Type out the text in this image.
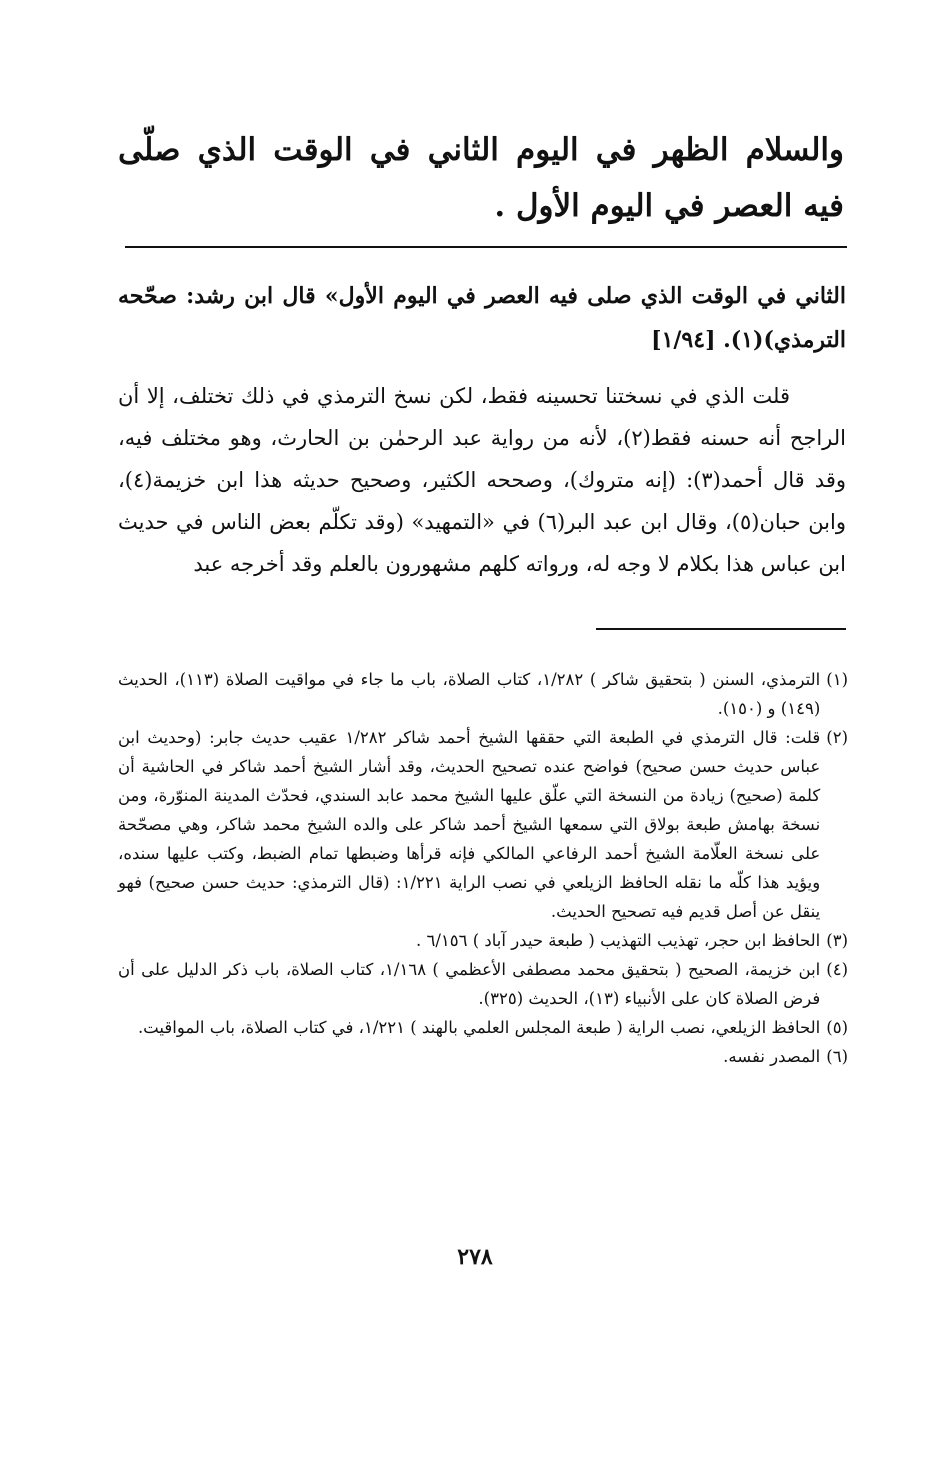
والسلام الظهر في اليوم الثاني في الوقت الذي صلّى فيه العصر في اليوم الأول .
الثاني في الوقت الذي صلى فيه العصر في اليوم الأول» قال ابن رشد: صحّحه الترمذي)(١). [١/٩٤]

قلت الذي في نسختنا تحسينه فقط، لكن نسخ الترمذي في ذلك تختلف، إلا أن الراجح أنه حسنه فقط(٢)، لأنه من رواية عبد الرحمٰن بن الحارث، وهو مختلف فيه، وقد قال أحمد(٣): (إنه متروك)، وصححه الكثير، وصحيح حديثه هذا ابن خزيمة(٤)، وابن حبان(٥)، وقال ابن عبد البر(٦) في «التمهيد» (وقد تكلّم بعض الناس في حديث ابن عباس هذا بكلام لا وجه له، ورواته كلهم مشهورون بالعلم وقد أخرجه عبد

(١)
الترمذي، السنن ( بتحقيق شاكر ) ١/٢٨٢، كتاب الصلاة، باب ما جاء في مواقيت الصلاة (١١٣)، الحديث (١٤٩) و (١٥٠).
(٢)
قلت: قال الترمذي في الطبعة التي حققها الشيخ أحمد شاكر ١/٢٨٢ عقيب حديث جابر: (وحديث ابن عباس حديث حسن صحيح) فواضح عنده تصحيح الحديث، وقد أشار الشيخ أحمد شاكر في الحاشية أن كلمة (صحيح) زيادة من النسخة التي علّق عليها الشيخ محمد عابد السندي، فحدّث المدينة المنوّرة، ومن نسخة بهامش طبعة بولاق التي سمعها الشيخ أحمد شاكر على والده الشيخ محمد شاكر، وهي مصحّحة على نسخة العلّامة الشيخ أحمد الرفاعي المالكي فإنه قرأها وضبطها تمام الضبط، وكتب عليها سنده، ويؤيد هذا كلّه ما نقله الحافظ الزيلعي في نصب الراية ١/٢٢١: (قال الترمذي: حديث حسن صحيح) فهو ينقل عن أصل قديم فيه تصحيح الحديث.
(٣)
الحافظ ابن حجر، تهذيب التهذيب ( طبعة حيدر آباد ) ٦/١٥٦ .
(٤)
ابن خزيمة، الصحيح ( بتحقيق محمد مصطفى الأعظمي ) ١/١٦٨، كتاب الصلاة، باب ذكر الدليل على أن فرض الصلاة كان على الأنبياء (١٣)، الحديث (٣٢٥).
(٥)
الحافظ الزيلعي، نصب الراية ( طبعة المجلس العلمي بالهند ) ١/٢٢١، في كتاب الصلاة، باب المواقيت.
(٦)
المصدر نفسه.
٢٧٨
